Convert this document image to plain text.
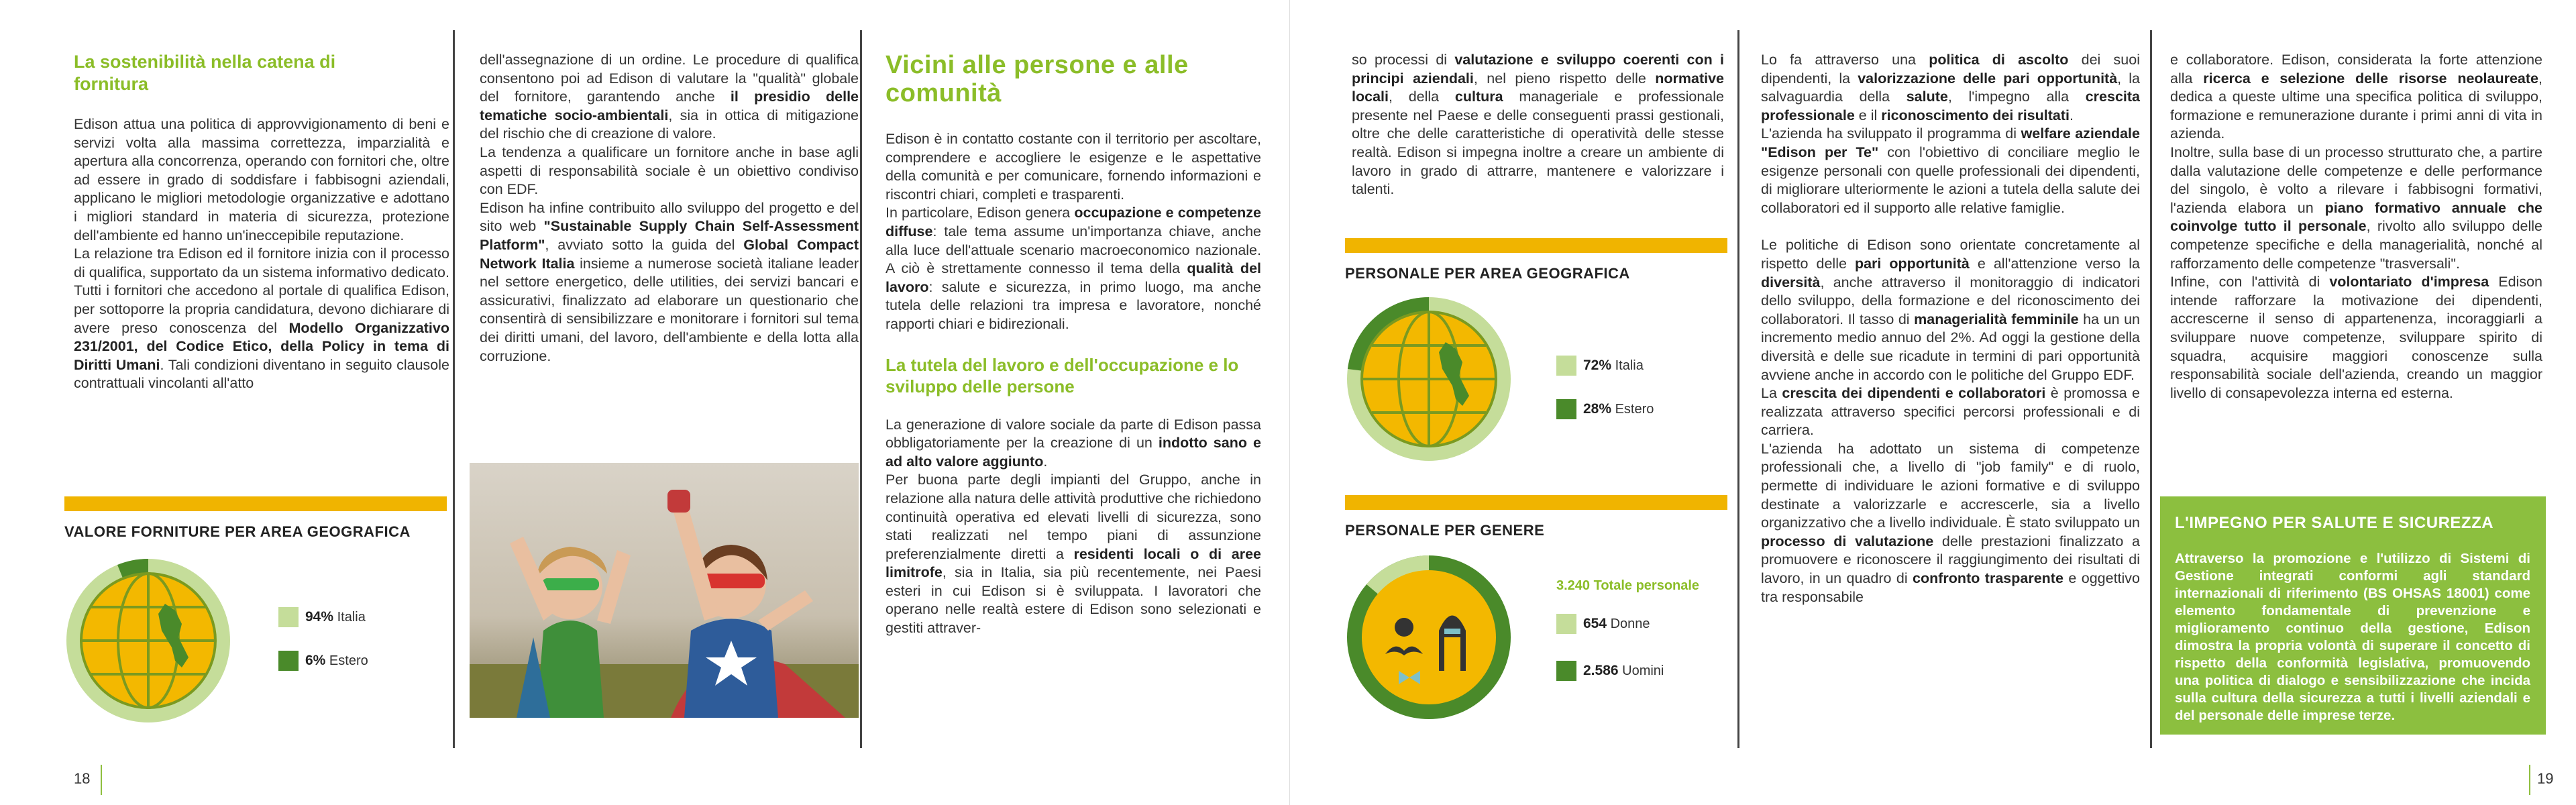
La sostenibilità nella catena di fornitura

Edison attua una politica di approvvigionamento di beni e servizi volta alla massima correttezza, imparzialità e apertura alla concorrenza, operando con fornitori che, oltre ad essere in grado di soddisfare i fabbisogni aziendali, applicano le migliori metodologie organizzative e adottano i migliori standard in materia di sicurezza, protezione dell'ambiente ed hanno un'ineccepibile reputazione.

La relazione tra Edison ed il fornitore inizia con il processo di qualifica, supportato da un sistema informativo dedicato. Tutti i fornitori che accedono al portale di qualifica Edison, per sottoporre la propria candidatura, devono dichiarare di avere preso conoscenza del Modello Organizzativo 231/2001, del Codice Etico, della Policy in tema di Diritti Umani. Tali condizioni diventano in seguito clausole contrattuali vincolanti all'atto

VALORE FORNITURE PER AREA GEOGRAFICA
94% Italia
6% Estero

dell'assegnazione di un ordine. Le procedure di qualifica consentono poi ad Edison di valutare la "qualità" globale del fornitore, garantendo anche il presidio delle tematiche socio-ambientali, sia in ottica di mitigazione del rischio che di creazione di valore.

La tendenza a qualificare un fornitore anche in base agli aspetti di responsabilità sociale è un obiettivo condiviso con EDF.

Edison ha infine contribuito allo sviluppo del progetto e del sito web "Sustainable Supply Chain Self-Assessment Platform", avviato sotto la guida del Global Compact Network Italia insieme a numerose società italiane leader nel settore energetico, delle utilities, dei servizi bancari e assicurativi, finalizzato ad elaborare un questionario che consentirà di sensibilizzare e monitorare i fornitori sul tema dei diritti umani, del lavoro, dell'ambiente e della lotta alla corruzione.

Vicini alle persone e alle comunità

Edison è in contatto costante con il territorio per ascoltare, comprendere e accogliere le esigenze e le aspettative della comunità e per comunicare, fornendo informazioni e riscontri chiari, completi e trasparenti.

In particolare, Edison genera occupazione e competenze diffuse: tale tema assume un'importanza chiave, anche alla luce dell'attuale scenario macroeconomico nazionale. A ciò è strettamente connesso il tema della qualità del lavoro: salute e sicurezza, in primo luogo, ma anche tutela delle relazioni tra impresa e lavoratore, nonché rapporti chiari e bidirezionali.

La tutela del lavoro e dell'occupazione e lo sviluppo delle persone

La generazione di valore sociale da parte di Edison passa obbligatoriamente per la creazione di un indotto sano e ad alto valore aggiunto.

Per buona parte degli impianti del Gruppo, anche in relazione alla natura delle attività produttive che richiedono continuità operativa ed elevati livelli di sicurezza, sono stati realizzati nel tempo piani di assunzione preferenzialmente diretti a residenti locali o di aree limitrofe, sia in Italia, sia più recentemente, nei Paesi esteri in cui Edison si è sviluppata. I lavoratori che operano nelle realtà estere di Edison sono selezionati e gestiti attraver-

so processi di valutazione e sviluppo coerenti con i principi aziendali, nel pieno rispetto delle normative locali, della cultura manageriale e professionale presente nel Paese e delle conseguenti prassi gestionali, oltre che delle caratteristiche di operatività delle stesse realtà. Edison si impegna inoltre a creare un ambiente di lavoro in grado di attrarre, mantenere e valorizzare i talenti.

PERSONALE PER AREA GEOGRAFICA
72% Italia
28% Estero
PERSONALE PER GENERE
3.240 Totale personale
654 Donne
2.586 Uomini

Lo fa attraverso una politica di ascolto dei suoi dipendenti, la valorizzazione delle pari opportunità, la salvaguardia della salute, l'impegno alla crescita professionale e il riconoscimento dei risultati.

L'azienda ha sviluppato il programma di welfare aziendale "Edison per Te" con l'obiettivo di conciliare meglio le esigenze personali con quelle professionali dei dipendenti, di migliorare ulteriormente le azioni a tutela della salute dei collaboratori ed il supporto alle relative famiglie.

Le politiche di Edison sono orientate concretamente al rispetto delle pari opportunità e all'attenzione verso la diversità, anche attraverso il monitoraggio di indicatori dello sviluppo, della formazione e del riconoscimento dei collaboratori. Il tasso di managerialità femminile ha un un incremento medio annuo del 2%. Ad oggi la gestione della diversità e delle sue ricadute in termini di pari opportunità avviene anche in accordo con le politiche del Gruppo EDF.

La crescita dei dipendenti e collaboratori è promossa e realizzata attraverso specifici percorsi professionali e di carriera.

L'azienda ha adottato un sistema di competenze professionali che, a livello di "job family" e di ruolo, permette di individuare le azioni formative e di sviluppo destinate a valorizzarle e accrescerle, sia a livello organizzativo che a livello individuale. È stato sviluppato un processo di valutazione delle prestazioni finalizzato a promuovere e riconoscere il raggiungimento dei risultati di lavoro, in un quadro di confronto trasparente e oggettivo tra responsabile

e collaboratore. Edison, considerata la forte attenzione alla ricerca e selezione delle risorse neolaureate, dedica a queste ultime una specifica politica di sviluppo, formazione e remunerazione durante i primi anni di vita in azienda.

Inoltre, sulla base di un processo strutturato che, a partire dalla valutazione delle competenze e delle performance del singolo, è volto a rilevare i fabbisogni formativi, l'azienda elabora un piano formativo annuale che coinvolge tutto il personale, rivolto allo sviluppo delle competenze specifiche e della managerialità, nonché al rafforzamento delle competenze "trasversali".

Infine, con l'attività di volontariato d'impresa Edison intende rafforzare la motivazione dei dipendenti, accrescerne il senso di appartenenza, incoraggiarli a sviluppare nuove competenze, sviluppare spirito di squadra, acquisire maggiori conoscenze sulla responsabilità sociale dell'azienda, creando un maggior livello di consapevolezza interna ed esterna.

L'IMPEGNO PER SALUTE E SICUREZZA
Attraverso la promozione e l'utilizzo di Sistemi di Gestione integrati conformi agli standard internazionali di riferimento (BS OHSAS 18001) come elemento fondamentale di prevenzione e miglioramento continuo della gestione, Edison dimostra la propria volontà di superare il concetto di rispetto della conformità legislativa, promuovendo una politica di dialogo e sensibilizzazione che incida sulla cultura della sicurezza a tutti i livelli aziendali e del personale delle imprese terze.
18	19
